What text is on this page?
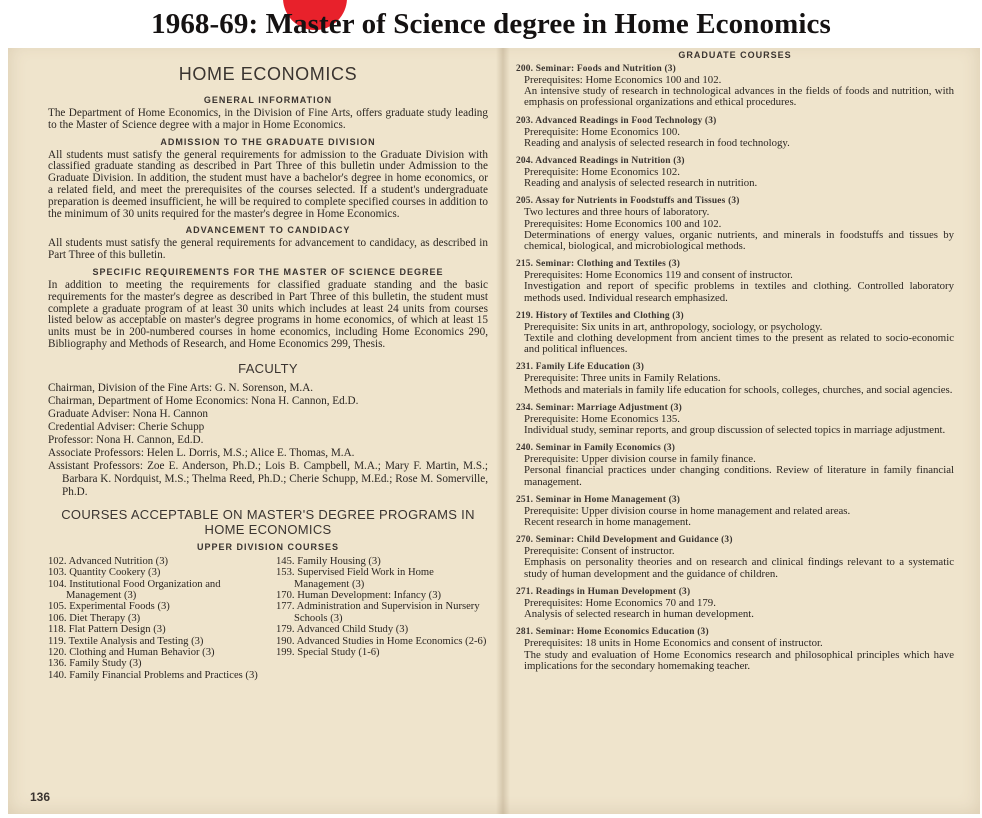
1968-69: Master of Science degree in Home Economics
HOME ECONOMICS
GENERAL INFORMATION

The Department of Home Economics, in the Division of Fine Arts, offers graduate study leading to the Master of Science degree with a major in Home Economics.

ADMISSION TO THE GRADUATE DIVISION

All students must satisfy the general requirements for admission to the Graduate Division with classified graduate standing as described in Part Three of this bulletin under Admission to the Graduate Division. In addition, the student must have a bachelor's degree in home economics, or a related field, and meet the prerequisites of the courses selected. If a student's undergraduate preparation is deemed insufficient, he will be required to complete specified courses in addition to the minimum of 30 units required for the master's degree in Home Economics.

ADVANCEMENT TO CANDIDACY

All students must satisfy the general requirements for advancement to candidacy, as described in Part Three of this bulletin.

SPECIFIC REQUIREMENTS FOR THE MASTER OF SCIENCE DEGREE

In addition to meeting the requirements for classified graduate standing and the basic requirements for the master's degree as described in Part Three of this bulletin, the student must complete a graduate program of at least 30 units which includes at least 24 units from courses listed below as acceptable on master's degree programs in home economics, of which at least 15 units must be in 200-numbered courses in home economics, including Home Economics 290, Bibliography and Methods of Research, and Home Economics 299, Thesis.

FACULTY

Chairman, Division of the Fine Arts: G. N. Sorenson, M.A.

Chairman, Department of Home Economics: Nona H. Cannon, Ed.D.

Graduate Adviser: Nona H. Cannon

Credential Adviser: Cherie Schupp

Professor: Nona H. Cannon, Ed.D.

Associate Professors: Helen L. Dorris, M.S.; Alice E. Thomas, M.A.

Assistant Professors: Zoe E. Anderson, Ph.D.; Lois B. Campbell, M.A.; Mary F. Martin, M.S.; Barbara K. Nordquist, M.S.; Thelma Reed, Ph.D.; Cherie Schupp, M.Ed.; Rose M. Somerville, Ph.D.

COURSES ACCEPTABLE ON MASTER'S DEGREE PROGRAMS IN HOME ECONOMICS
UPPER DIVISION COURSES

102. Advanced Nutrition (3)

103. Quantity Cookery (3)

104. Institutional Food Organization and Management (3)

105. Experimental Foods (3)

106. Diet Therapy (3)

118. Flat Pattern Design (3)

119. Textile Analysis and Testing (3)

120. Clothing and Human Behavior (3)

136. Family Study (3)

140. Family Financial Problems and Practices (3)

145. Family Housing (3)

153. Supervised Field Work in Home Management (3)

170. Human Development: Infancy (3)

177. Administration and Supervision in Nursery Schools (3)

179. Advanced Child Study (3)

190. Advanced Studies in Home Economics (2-6)

199. Special Study (1-6)

136
GRADUATE COURSES
200. Seminar: Foods and Nutrition (3)

Prerequisites: Home Economics 100 and 102.

An intensive study of research in technological advances in the fields of foods and nutrition, with emphasis on professional organizations and ethical procedures.

203. Advanced Readings in Food Technology (3)

Prerequisite: Home Economics 100.

Reading and analysis of selected research in food technology.

204. Advanced Readings in Nutrition (3)

Prerequisite: Home Economics 102.

Reading and analysis of selected research in nutrition.

205. Assay for Nutrients in Foodstuffs and Tissues (3)

Two lectures and three hours of laboratory.

Prerequisites: Home Economics 100 and 102.

Determinations of energy values, organic nutrients, and minerals in foodstuffs and tissues by chemical, biological, and microbiological methods.

215. Seminar: Clothing and Textiles (3)

Prerequisites: Home Economics 119 and consent of instructor.

Investigation and report of specific problems in textiles and clothing. Controlled laboratory methods used. Individual research emphasized.

219. History of Textiles and Clothing (3)

Prerequisite: Six units in art, anthropology, sociology, or psychology.

Textile and clothing development from ancient times to the present as related to socio-economic and political influences.

231. Family Life Education (3)

Prerequisite: Three units in Family Relations.

Methods and materials in family life education for schools, colleges, churches, and social agencies.

234. Seminar: Marriage Adjustment (3)

Prerequisite: Home Economics 135.

Individual study, seminar reports, and group discussion of selected topics in marriage adjustment.

240. Seminar in Family Economics (3)

Prerequisite: Upper division course in family finance.

Personal financial practices under changing conditions. Review of literature in family financial management.

251. Seminar in Home Management (3)

Prerequisite: Upper division course in home management and related areas.

Recent research in home management.

270. Seminar: Child Development and Guidance (3)

Prerequisite: Consent of instructor.

Emphasis on personality theories and on research and clinical findings relevant to a systematic study of human development and the guidance of children.

271. Readings in Human Development (3)

Prerequisites: Home Economics 70 and 179.

Analysis of selected research in human development.

281. Seminar: Home Economics Education (3)

Prerequisites: 18 units in Home Economics and consent of instructor.

The study and evaluation of Home Economics research and philosophical principles which have implications for the secondary homemaking teacher.
